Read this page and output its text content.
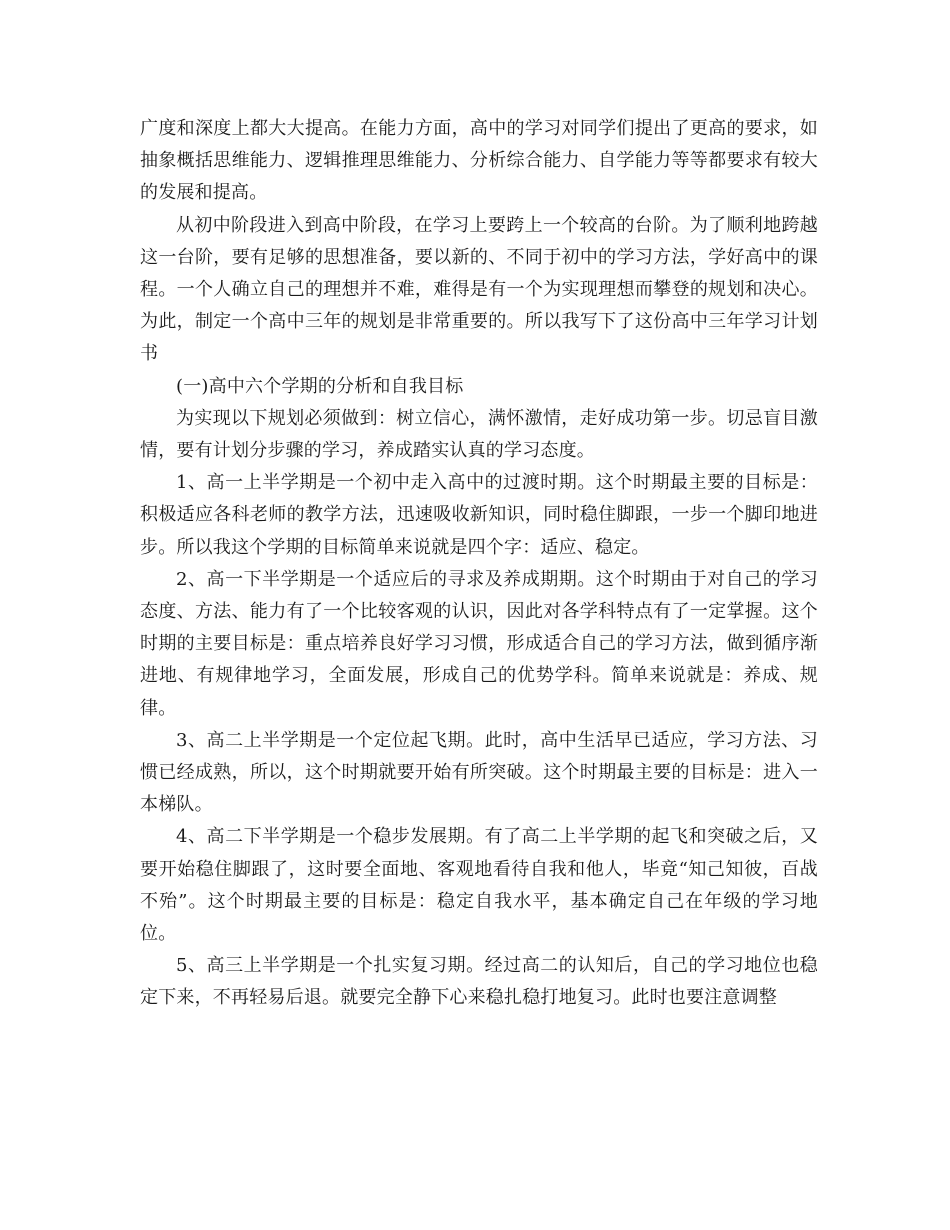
广度和深度上都大大提高。在能力方面，高中的学习对同学们提出了更高的要求，如抽象概括思维能力、逻辑推理思维能力、分析综合能力、自学能力等等都要求有较大的发展和提高。

从初中阶段进入到高中阶段，在学习上要跨上一个较高的台阶。为了顺利地跨越这一台阶，要有足够的思想准备，要以新的、不同于初中的学习方法，学好高中的课程。一个人确立自己的理想并不难，难得是有一个为实现理想而攀登的规划和决心。为此，制定一个高中三年的规划是非常重要的。所以我写下了这份高中三年学习计划书

(一)高中六个学期的分析和自我目标

为实现以下规划必须做到：树立信心，满怀激情，走好成功第一步。切忌盲目激情，要有计划分步骤的学习，养成踏实认真的学习态度。

1、高一上半学期是一个初中走入高中的过渡时期。这个时期最主要的目标是：积极适应各科老师的教学方法，迅速吸收新知识，同时稳住脚跟，一步一个脚印地进步。所以我这个学期的目标简单来说就是四个字：适应、稳定。

2、高一下半学期是一个适应后的寻求及养成期期。这个时期由于对自己的学习态度、方法、能力有了一个比较客观的认识，因此对各学科特点有了一定掌握。这个时期的主要目标是：重点培养良好学习习惯，形成适合自己的学习方法，做到循序渐进地、有规律地学习，全面发展，形成自己的优势学科。简单来说就是：养成、规律。

3、高二上半学期是一个定位起飞期。此时，高中生活早已适应，学习方法、习惯已经成熟，所以，这个时期就要开始有所突破。这个时期最主要的目标是：进入一本梯队。

4、高二下半学期是一个稳步发展期。有了高二上半学期的起飞和突破之后，又要开始稳住脚跟了，这时要全面地、客观地看待自我和他人，毕竟“知己知彼，百战不殆”。这个时期最主要的目标是：稳定自我水平，基本确定自己在年级的学习地位。

5、高三上半学期是一个扎实复习期。经过高二的认知后，自己的学习地位也稳定下来，不再轻易后退。就要完全静下心来稳扎稳打地复习。此时也要注意调整
